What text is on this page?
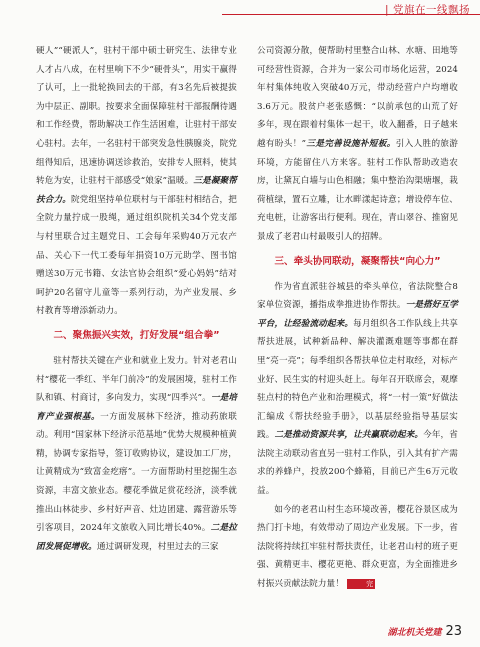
| 党旗在一线飘扬

硬人”“硬派人”，驻村干部中硕士研究生、法律专业人才占八成，在村里响下不少“硬骨头”，用实干赢得了认可，上一批轮换回去的干部，有3名先后被提拔为中层正、副职。按要求全面保障驻村干部报酬待遇和工作经费，帮助解决工作生活困难，让驻村干部安心驻村。去年，一名驻村干部突发急性胰腺炎，院党组得知后，迅速协调送诊救治，安排专人照料，使其转危为安，让驻村干部感受“娘家”温暖。三是凝聚帮扶合力。院党组坚持单位联村与干部驻村相结合，把全院力量拧成一股绳，通过组织院机关34个党支部与村里联合过主题党日、工会每年采购40万元农产品、关心下一代工委每年捐资10万元助学、图书馆赠送30万元书籍、女法官协会组织“爱心妈妈”结对呵护20名留守儿童等一系列行动，为产业发展、乡村教育等增添新动力。

二、聚焦振兴实效，打好发展“组合拳”

驻村帮扶关键在产业和就业上发力。针对老君山村“樱花一季红、半年门前冷”的发展困境，驻村工作队和镇、村商讨，多向发力，实现“四季兴”。一是培育产业强根基。一方面发展林下经济，推动药旅联动。利用“国家林下经济示范基地”优势大规模种植黄精，协调专家指导，签订收购协议，建设加工厂房，让黄精成为“致富金疙瘩”。一方面帮助村里挖掘生态资源，丰富文旅业态。樱花季做足赏花经济，淡季就推出山林徒步、乡村好声音、灶边团建、露营游乐等引客项目，2024年文旅收入同比增长40%。二是拉团发展促增收。通过调研发现，村里过去的三家

公司资源分散，便帮助村里整合山林、水塘、田地等可经营性资源，合并为一家公司市场化运营，2024年村集体纯收入突破40万元，带动经营户户均增收3.6万元。股贫户老张感慨：“以前承包的山荒了好多年，现在跟着村集体一起干，收入翻番，日子越来越有盼头！”三是完善设施补短板。引入人胜的旅游环境，方能留住八方来客。驻村工作队帮助改造农房，让黛瓦白墙与山色相融；集中整治沟渠塘堰，栽荷植绿，置石立雕，让水畔漾起诗意；增设停车位、充电桩，让游客出行便利。现在，青山翠谷、推窗见景成了老君山村最吸引人的招牌。

三、牵头协同联动，凝聚帮扶“向心力”

作为省直派驻谷城县的牵头单位，省法院整合8家单位资源，播指成拳推进协作帮扶。一是搭好互学平台，让经验流动起来。每月组织各工作队线上共享帮扶进展，试种新品种、解决灌溉难题等事都在群里“亮一亮”；每季组织各帮扶单位走村取经，对标产业好、民生实的村迎头赶上。每年召开联席会，观摩驻点村的特色产业和治理模式，将“一村一策”好做法汇编成《帮扶经验手册》，以基层经验指导基层实践。二是推动资源共享，让共赢联动起来。今年，省法院主动联动省直另一驻村工作队，引入其有扩产需求的养蜂户，投放200个蜂箱，目前已产生6万元收益。

如今的老君山村生态环境改善，樱花谷景区成为热门打卡地，有效带动了周边产业发展。下一步，省法院将持续扛牢驻村帮扶责任，让老君山村的班子更强、黄精更丰、樱花更艳、群众更富，为全面推进乡村振兴贡献法院力量！	完

湖北机关党建 23
